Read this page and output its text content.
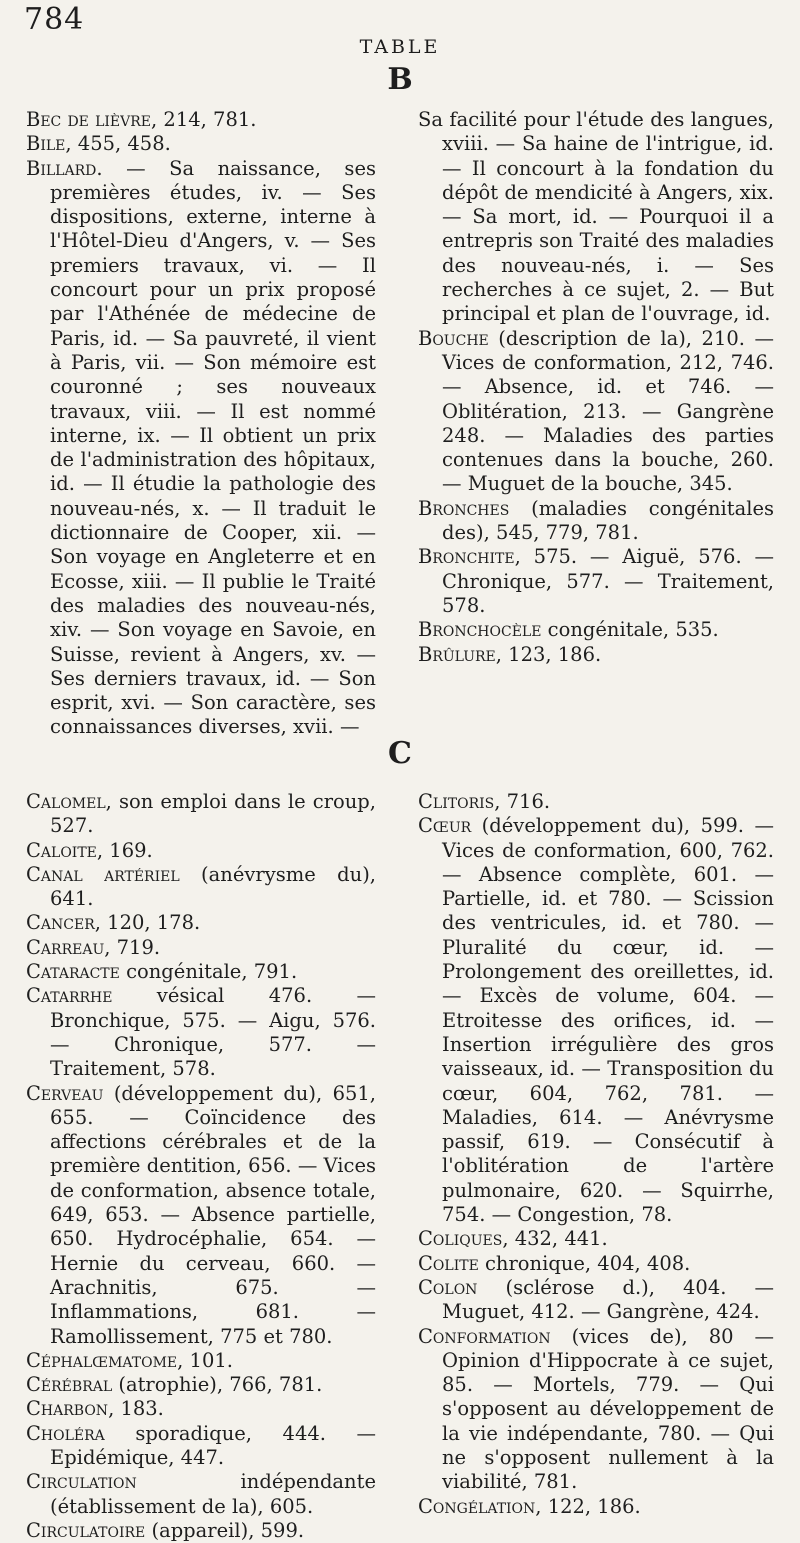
784
TABLE
B

Bec de lièvre, 214, 781.

Bile, 455, 458.

Billard. — Sa naissance, ses premières études, iv. — Ses dispositions, externe, interne à l'Hôtel-Dieu d'Angers, v. — Ses premiers travaux, vi. — Il concourt pour un prix proposé par l'Athénée de médecine de Paris, id. — Sa pauvreté, il vient à Paris, vii. — Son mémoire est couronné ; ses nouveaux travaux, viii. — Il est nommé interne, ix. — Il obtient un prix de l'administration des hôpitaux, id. — Il étudie la pathologie des nouveau-nés, x. — Il traduit le dictionnaire de Cooper, xii. — Son voyage en Angleterre et en Ecosse, xiii. — Il publie le Traité des maladies des nouveau-nés, xiv. — Son voyage en Savoie, en Suisse, revient à Angers, xv. — Ses derniers travaux, id. — Son esprit, xvi. — Son caractère, ses connaissances diverses, xvii. —

Sa facilité pour l'étude des langues, xviii. — Sa haine de l'intrigue, id. — Il concourt à la fondation du dépôt de mendicité à Angers, xix. — Sa mort, id. — Pourquoi il a entrepris son Traité des maladies des nouveau-nés, i. — Ses recherches à ce sujet, 2. — But principal et plan de l'ouvrage, id.

Bouche (description de la), 210. — Vices de conformation, 212, 746. — Absence, id. et 746. — Oblitération, 213. — Gangrène 248. — Maladies des parties contenues dans la bouche, 260. — Muguet de la bouche, 345.

Bronches (maladies congénitales des), 545, 779, 781.

Bronchite, 575. — Aiguë, 576. — Chronique, 577. — Traitement, 578.

Bronchocèle congénitale, 535.

Brûlure, 123, 186.

C

Calomel, son emploi dans le croup, 527.

Caloite, 169.

Canal artériel (anévrysme du), 641.

Cancer, 120, 178.

Carreau, 719.

Cataracte congénitale, 791.

Catarrhe vésical 476. — Bronchique, 575. — Aigu, 576. — Chronique, 577. — Traitement, 578.

Cerveau (développement du), 651, 655. — Coïncidence des affections cérébrales et de la première dentition, 656. — Vices de conformation, absence totale, 649, 653. — Absence partielle, 650. Hydrocéphalie, 654. — Hernie du cerveau, 660. — Arachnitis, 675. — Inflammations, 681. — Ramollissement, 775 et 780.

Céphalœmatome, 101.

Cérébral (atrophie), 766, 781.

Charbon, 183.

Choléra sporadique, 444. — Epidémique, 447.

Circulation indépendante (établissement de la), 605.

Circulatoire (appareil), 599.

Clitoris, 716.

Cœur (développement du), 599. — Vices de conformation, 600, 762. — Absence complète, 601. — Partielle, id. et 780. — Scission des ventricules, id. et 780. — Pluralité du cœur, id. — Prolongement des oreillettes, id. — Excès de volume, 604. — Etroitesse des orifices, id. — Insertion irrégulière des gros vaisseaux, id. — Transposition du cœur, 604, 762, 781. — Maladies, 614. — Anévrysme passif, 619. — Consécutif à l'oblitération de l'artère pulmonaire, 620. — Squirrhe, 754. — Congestion, 78.

Coliques, 432, 441.

Colite chronique, 404, 408.

Colon (sclérose d.), 404. — Muguet, 412. — Gangrène, 424.

Conformation (vices de), 80 — Opinion d'Hippocrate à ce sujet, 85. — Mortels, 779. — Qui s'opposent au développement de la vie indépendante, 780. — Qui ne s'opposent nullement à la viabilité, 781.

Congélation, 122, 186.
